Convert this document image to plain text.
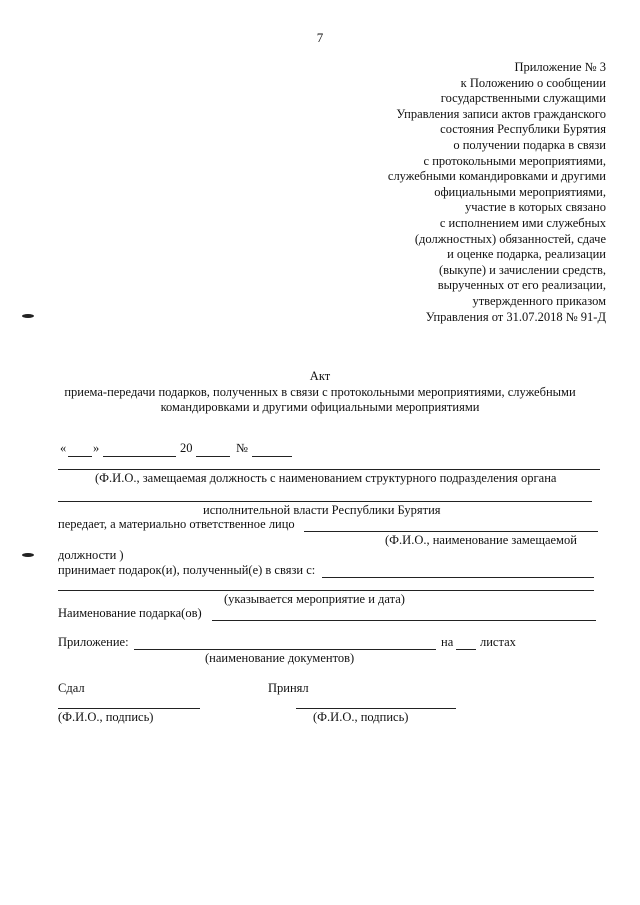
7
Приложение № 3
к Положению о сообщении
государственными служащими
Управления записи актов гражданского
состояния Республики Бурятия
о получении подарка в связи
с протокольными мероприятиями,
служебными командировками и другими
официальными мероприятиями,
участие в которых связано
с исполнением ими служебных
(должностных) обязанностей, сдаче
и оценке подарка, реализации
(выкупе) и зачислении средств,
вырученных от его реализации,
утвержденного приказом
Управления от 31.07.2018 № 91-Д
Акт
приема-передачи подарков, полученных в связи с протокольными мероприятиями, служебными
командировками и другими официальными мероприятиями
« »	20	№
(Ф.И.О., замещаемая должность с наименованием структурного подразделения органа
исполнительной власти Республики Бурятия
передает, а материально ответственное лицо
(Ф.И.О., наименование замещаемой
должности )
принимает подарок(и), полученный(е) в связи с:
(указывается мероприятие и дата)
Наименование подарка(ов)
Приложение:	на листах
(наименование документов)
Сдал	Принял
(Ф.И.О., подпись)	(Ф.И.О., подпись)
